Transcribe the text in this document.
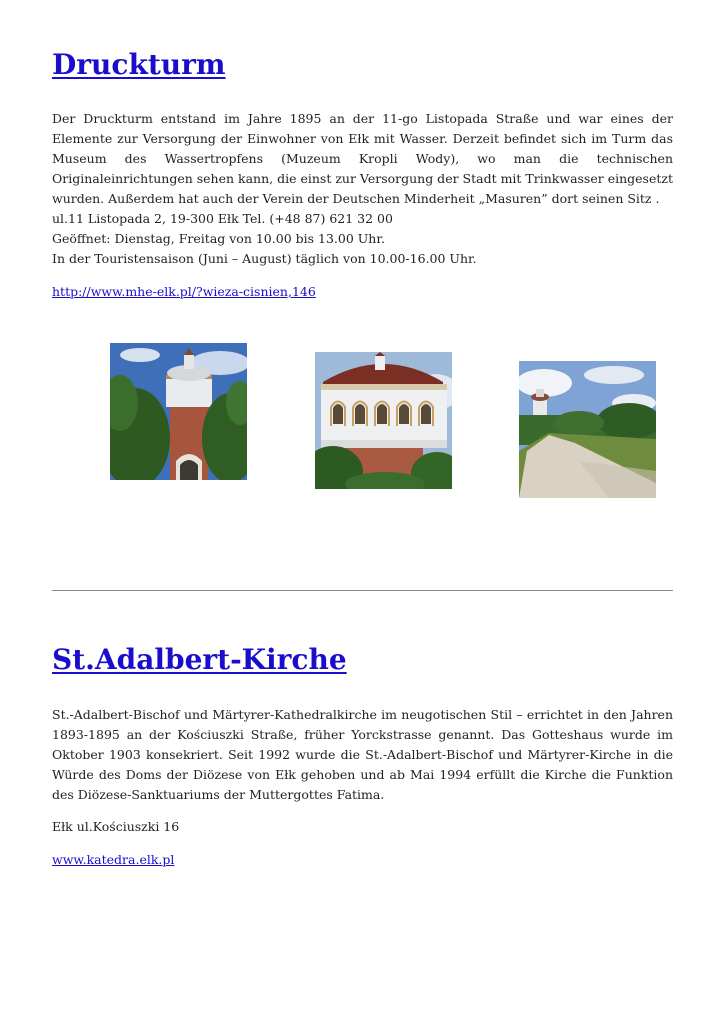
Druckturm
Der Druckturm entstand im Jahre 1895 an der 11-go Listopada Straße und war eines der Elemente zur Versorgung der Einwohner von Ełk mit Wasser. Derzeit befindet sich im Turm das Museum des Wassertropfens (Muzeum Kropli Wody), wo man die technischen Originaleinrichtungen sehen kann, die einst zur Versorgung der Stadt mit Trinkwasser eingesetzt wurden. Außerdem hat auch der Verein der Deutschen Minderheit „Masuren” dort seinen Sitz .
ul.11 Listopada 2, 19-300 Ełk Tel. (+48 87) 621 32 00
Geöffnet: Dienstag, Freitag von 10.00 bis 13.00 Uhr.
In der Touristensaison (Juni – August) täglich von 10.00-16.00 Uhr.
http://www.mhe-elk.pl/?wieza-cisnien,146
St.Adalbert-Kirche

St.-Adalbert-Bischof und Märtyrer-Kathedralkirche im neugotischen Stil – errichtet in den Jahren 1893-1895 an der Kościuszki Straße, früher Yorckstrasse genannt. Das Gotteshaus wurde im Oktober 1903 konsekriert. Seit 1992 wurde die St.-Adalbert-Bischof und Märtyrer-Kirche in die Würde des Doms der Diözese von Ełk gehoben und ab Mai 1994 erfüllt die Kirche die Funktion des Diözese-Sanktuariums der Muttergottes Fatima.

Ełk ul.Kościuszki 16

www.katedra.elk.pl
